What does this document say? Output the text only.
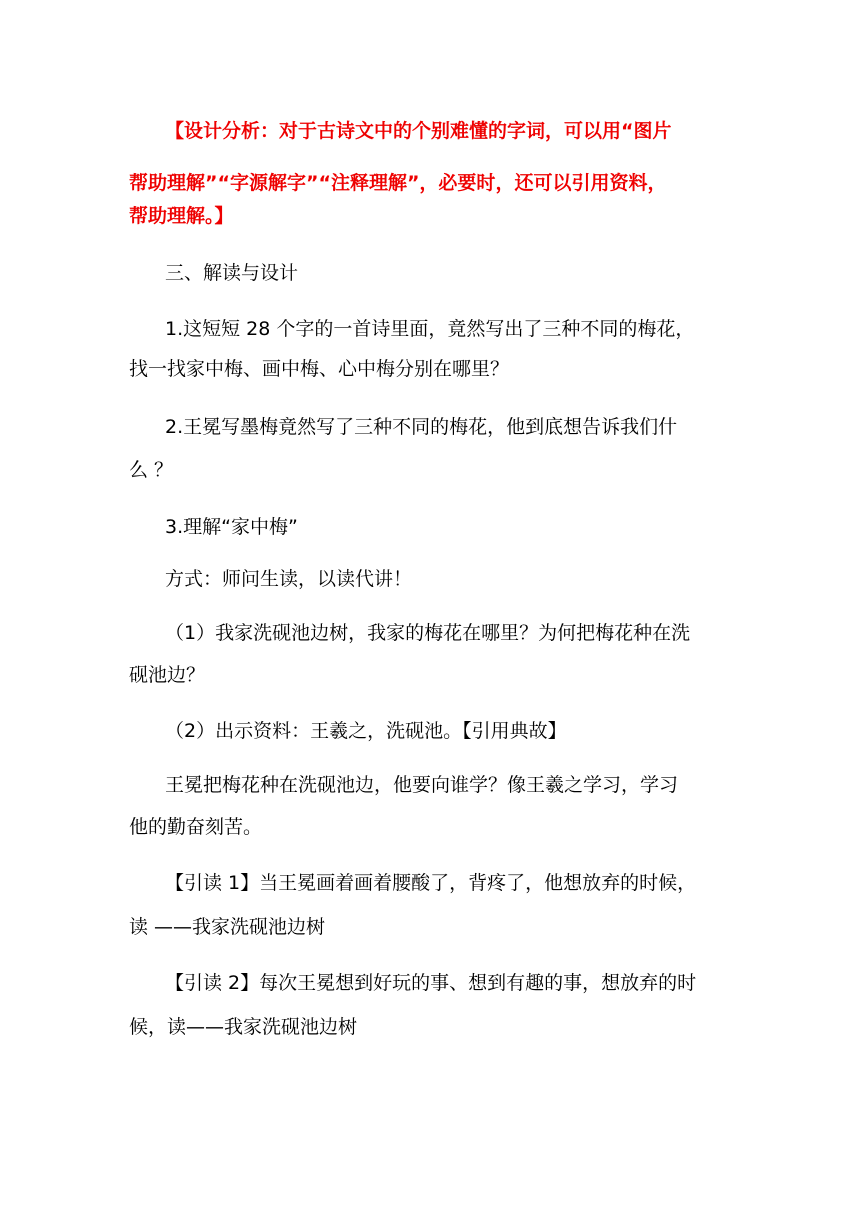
【设计分析：对于古诗文中的个别难懂的字词，可以用“图片
帮助理解”“字源解字”“注释理解”，必要时，还可以引用资料，
帮助理解。】
三、解读与设计
1.这短短 28 个字的一首诗里面，竟然写出了三种不同的梅花，
找一找家中梅、画中梅、心中梅分别在哪里？
2.王冕写墨梅竟然写了三种不同的梅花，他到底想告诉我们什
么 ？
3.理解“家中梅”
方式：师问生读，以读代讲！
（1）我家洗砚池边树，我家的梅花在哪里？为何把梅花种在洗
砚池边？
（2）出示资料：王羲之，洗砚池。【引用典故】
王冕把梅花种在洗砚池边，他要向谁学？像王羲之学习，学习
他的勤奋刻苦。
【引读 1】当王冕画着画着腰酸了，背疼了，他想放弃的时候，
读 ——我家洗砚池边树
【引读 2】每次王冕想到好玩的事、想到有趣的事，想放弃的时
候，读——我家洗砚池边树
